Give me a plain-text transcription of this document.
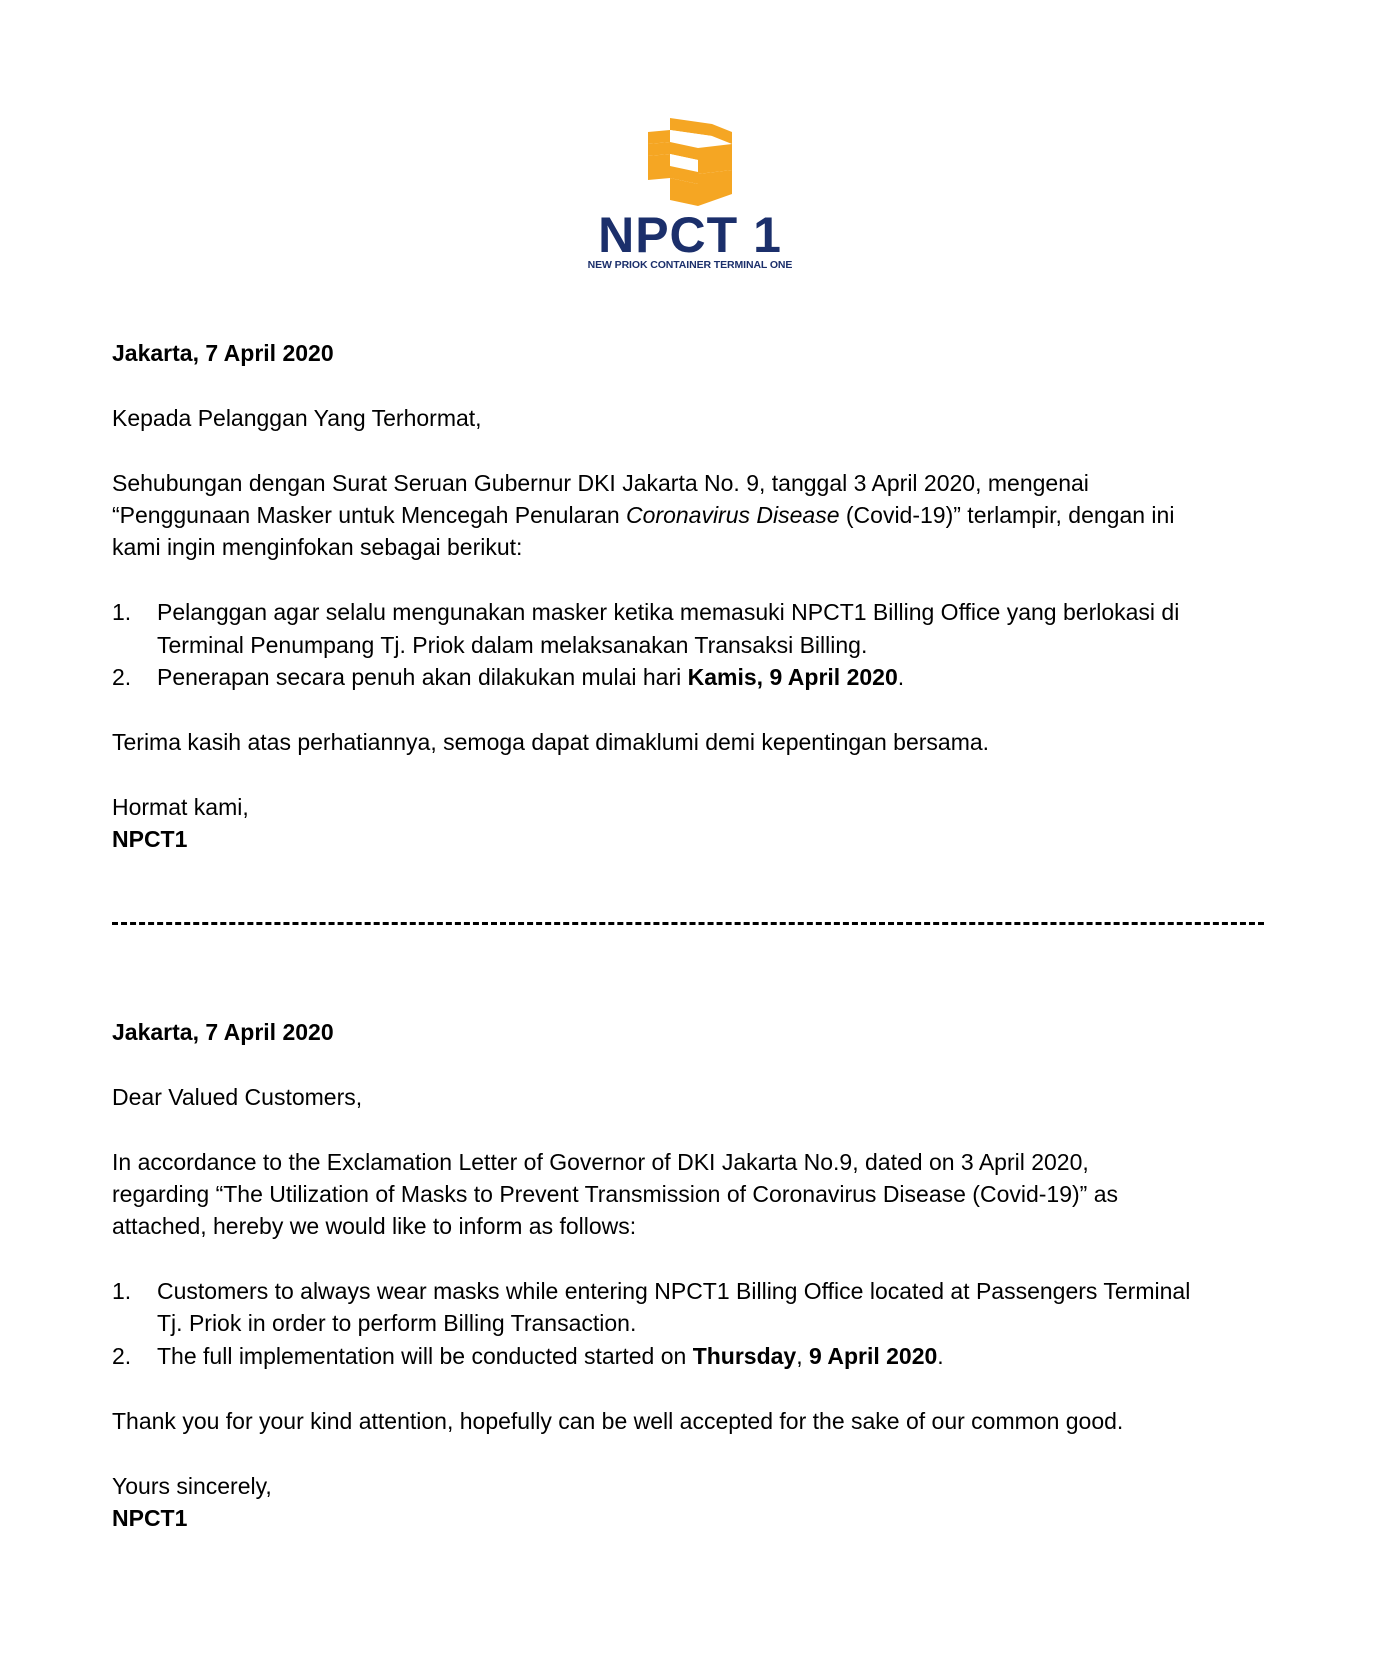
NPCT 1
NEW PRIOK CONTAINER TERMINAL ONE
Jakarta, 7 April 2020
Kepada Pelanggan Yang Terhormat,
Sehubungan dengan Surat Seruan Gubernur DKI Jakarta No. 9, tanggal 3 April 2020, mengenai
“Penggunaan Masker untuk Mencegah Penularan Coronavirus Disease (Covid-19)” terlampir, dengan ini
kami ingin menginfokan sebagai berikut:
1. Pelanggan agar selalu mengunakan masker ketika memasuki NPCT1 Billing Office yang berlokasi di
Terminal Penumpang Tj. Priok dalam melaksanakan Transaksi Billing.
2. Penerapan secara penuh akan dilakukan mulai hari Kamis, 9 April 2020.
Terima kasih atas perhatiannya, semoga dapat dimaklumi demi kepentingan bersama.
Hormat kami,
NPCT1
Jakarta, 7 April 2020
Dear Valued Customers,
In accordance to the Exclamation Letter of Governor of DKI Jakarta No.9, dated on 3 April 2020,
regarding “The Utilization of Masks to Prevent Transmission of Coronavirus Disease (Covid-19)” as
attached, hereby we would like to inform as follows:
1. Customers to always wear masks while entering NPCT1 Billing Office located at Passengers Terminal
Tj. Priok in order to perform Billing Transaction.
2. The full implementation will be conducted started on Thursday, 9 April 2020.
Thank you for your kind attention, hopefully can be well accepted for the sake of our common good.
Yours sincerely,
NPCT1
